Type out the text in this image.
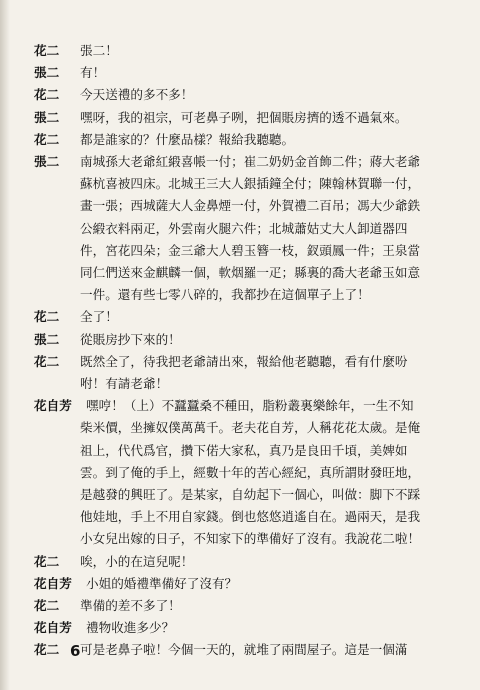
花二	張二！
張二	有！
花二	今天送禮的多不多！
張二	嘿呀，我的祖宗，可老鼻子咧，把個賬房擠的透不過氣來。
花二	都是誰家的？什麼品樣？報給我聽聽。
張二	南城孫大老爺紅緞喜帳一付；崔二奶奶金首飾二件；蔣大老爺
蘇杭喜被四床。北城王三大人銀插鐘全付；陳翰林賀聯一付，
畫一張；西城薩大人金鼻煙一付，外賀禮二百吊；馮大少爺鉄
公緞衣料兩疋，外雲南火腿六件；北城蕭姑丈大人卸道器四
件，宮花四朵；金三爺大人碧玉簪一枝，釵頭鳳一件；王泉當
同仁們送來金麒麟一個，軟烟羅一疋；縣裏的喬大老爺玉如意
一件。還有些七零八碎的，我都抄在這個單子上了！
花二	全了！
張二	從賬房抄下來的！
花二	既然全了，待我把老爺請出來，報給他老聽聽，看有什麼吩
咐！有請老爺！
花自芳	嘿哼！（上）不蠶蠶桑不種田，脂粉叢裏樂餘年，一生不知
柴米價，坐擁奴僕萬萬千。老夫花自芳，人稱花花太歲。是俺
祖上，代代爲官，攢下偌大家私，真乃是良田千頃，美婢如
雲。到了俺的手上，經數十年的苦心經紀，真所謂財發旺地，
是越發的興旺了。是某家，自幼起下一個心，叫做：脚下不踩
他娃地，手上不用自家錢。倒也悠悠逍遙自在。過兩天，是我
小女兒出嫁的日子，不知家下的準備好了沒有。我說花二啦！
花二	唉，小的在這兒呢！
花自芳	小姐的婚禮準備好了沒有？
花二	準備的差不多了！
花自芳	禮物收進多少？
花二	可是老鼻子啦！今個一天的，就堆了兩間屋子。這是一個滿
6
